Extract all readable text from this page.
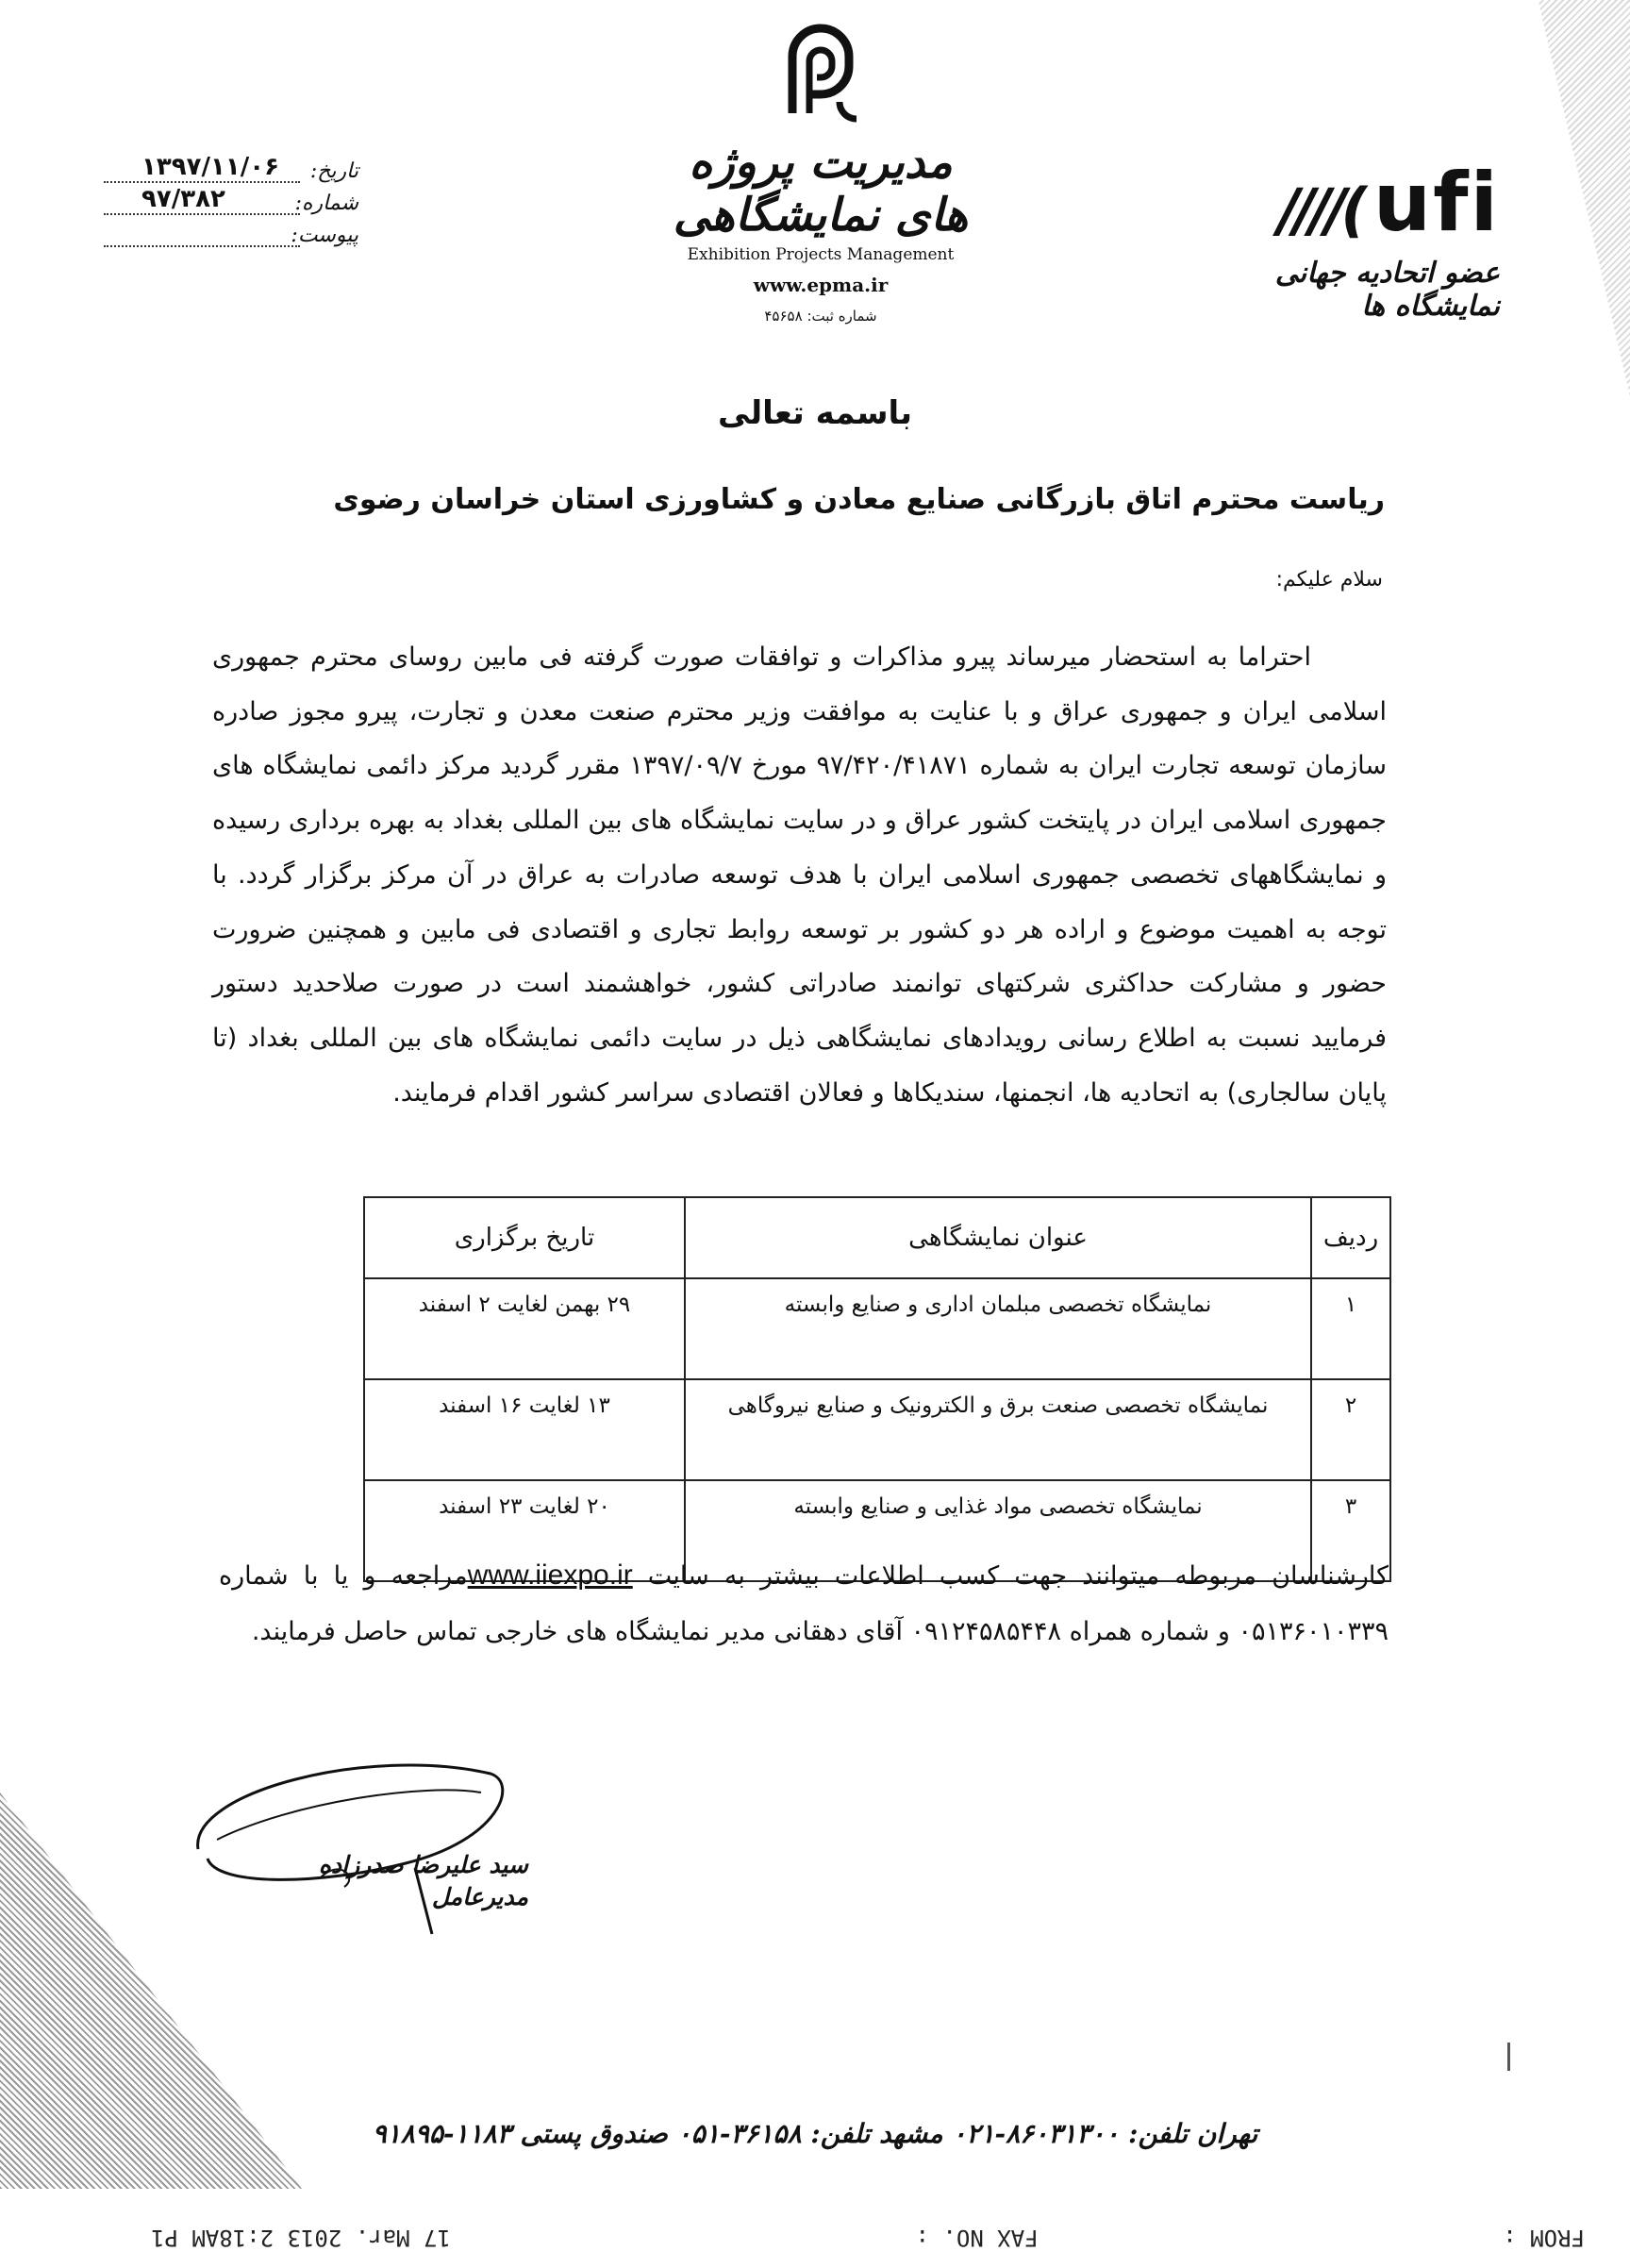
تاریخ:
۱۳۹۷/۱۱/۰۶
شماره:
۹۷/۳۸۲
پیوست:
مدیریت پروژه های نمایشگاهی
Exhibition Projects Management
www.epma.ir
شماره ثبت: ۴۵۶۵۸
////( ufi
عضو اتحادیه جهانی نمایشگاه ها
باسمه تعالی
ریاست محترم اتاق بازرگانی صنایع معادن و کشاورزی استان خراسان رضوی
سلام علیکم:
احتراما به استحضار میرساند پیرو مذاکرات و توافقات صورت گرفته فی مابین روسای محترم جمهوری اسلامی ایران و جمهوری عراق و با عنایت به موافقت وزیر محترم صنعت معدن و تجارت، پیرو مجوز صادره سازمان توسعه تجارت ایران به شماره ۹۷/۴۲۰/۴۱۸۷۱ مورخ ۱۳۹۷/۰۹/۷ مقرر گردید مرکز دائمی نمایشگاه های جمهوری اسلامی ایران در پایتخت کشور عراق و در سایت نمایشگاه های بین المللی بغداد به بهره برداری رسیده و نمایشگاههای تخصصی جمهوری اسلامی ایران با هدف توسعه صادرات به عراق در آن مرکز برگزار گردد. با توجه به اهمیت موضوع و اراده هر دو کشور بر توسعه روابط تجاری و اقتصادی فی مابین و همچنین ضرورت حضور و مشارکت حداکثری شرکتهای توانمند صادراتی کشور، خواهشمند است در صورت صلاحدید دستور فرمایید نسبت به اطلاع رسانی رویدادهای نمایشگاهی ذیل در سایت دائمی نمایشگاه های بین المللی بغداد (تا پایان سالجاری) به اتحادیه ها، انجمنها، سندیکاها و فعالان اقتصادی سراسر کشور اقدام فرمایند.
ردیف	عنوان نمایشگاهی	تاریخ برگزاری
۱	نمایشگاه تخصصی مبلمان اداری و صنایع وابسته	۲۹ بهمن لغایت ۲ اسفند
۲	نمایشگاه تخصصی صنعت برق و الکترونیک و صنایع نیروگاهی	۱۳ لغایت ۱۶ اسفند
۳	نمایشگاه تخصصی مواد غذایی و صنایع وابسته	۲۰ لغایت ۲۳ اسفند
کارشناسان مربوطه میتوانند جهت کسب اطلاعات بیشتر به سایت www.iiexpo.irمراجعه و یا با شماره ۰۵۱۳۶۰۱۰۳۳۹ و شماره همراه ۰۹۱۲۴۵۸۵۴۴۸ آقای دهقانی مدیر نمایشگاه های خارجی تماس حاصل فرمایند.
سید علیرضا صدرزاده
مدیرعامل
تهران تلفن: ۸۶۰۳۱۳۰۰-۰۲۱ مشهد تلفن: ۳۶۱۵۸-۰۵۱ صندوق پستی ۱۱۸۳-۹۱۸۹۵
FROM :
FAX NO. :
17 Mar. 2013 2:18AM P1
